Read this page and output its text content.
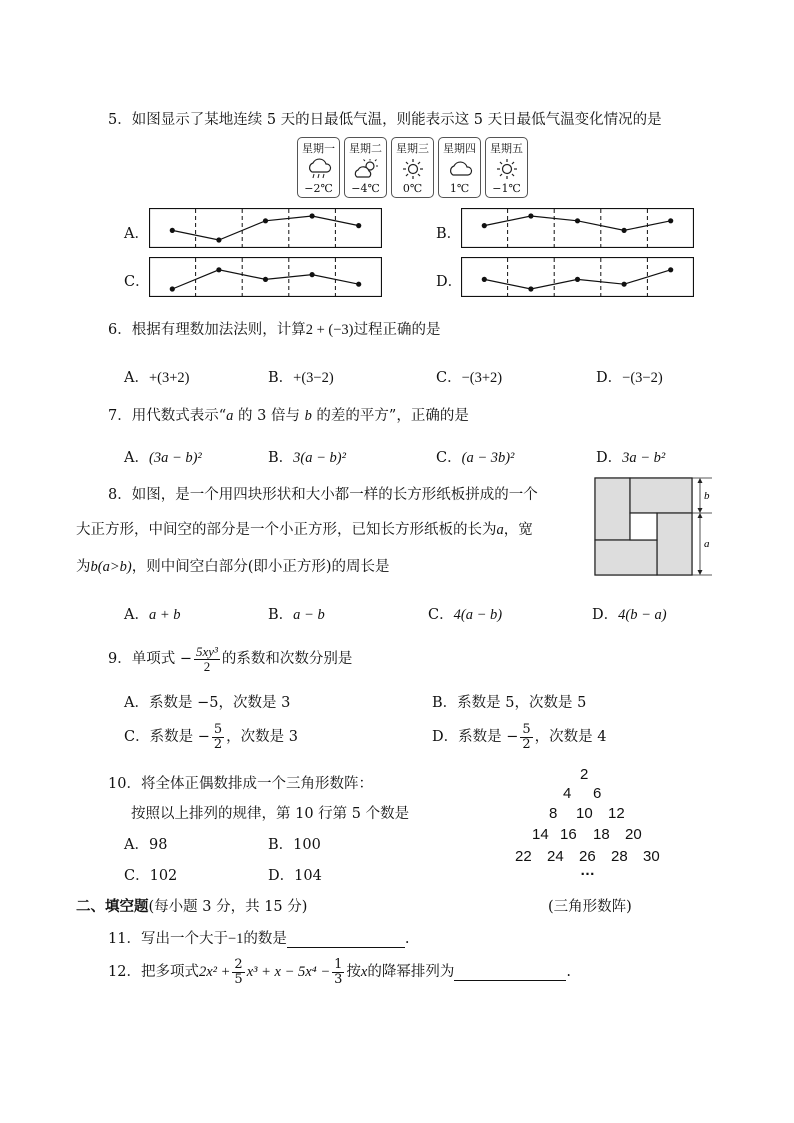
5．如图显示了某地连续 5 天的日最低气温，则能表示这 5 天日最低气温变化情况的是
星期一
−2℃
星期二
−4℃
星期三
0℃
星期四
1℃
星期五
−1℃
A．	B．
C．	D．
6．根据有理数加法法则，计算2 + (−3)过程正确的是
A．+(3+2)	B．+(3−2)	C．−(3+2)	D．−(3−2)
7．用代数式表示“a 的 3 倍与 b 的差的平方”，正确的是
A．(3a − b)²	B．3(a − b)²	C．(a − 3b)²	D．3a − b²
8．如图，是一个用四块形状和大小都一样的长方形纸板拼成的一个
大正方形，中间空的部分是一个小正方形，已知长方形纸板的长为a，宽
为b(a>b)，则中间空白部分(即小正方形)的周长是
b
a
A．a + b	B．a − b	C．4(a − b)	D．4(b − a)
9．单项式 − $\frac{\text{5xy³}}{2}$ 的系数和次数分别是
A．系数是 −5，次数是 3	B．系数是 5，次数是 5
C．系数是 − $\frac{5}{2}$ ，次数是 3	D．系数是 − $\frac{5}{2}$ ，次数是 4
10．将全体正偶数排成一个三角形数阵：
按照以上排列的规律，第 10 行第 5 个数是
A．98	B．100
C．102	D．104
2
4 6
8 10 12
14 16 18 20
22 24 26 28 30
…
(三角形数阵)
二、填空题(每小题 3 分，共 15 分)
11．写出一个大于−1的数是	.
12．把多项式$2x^2 + \frac{2}{5} x^3 + x - 5x^4 - \frac{1}{3}$ 按x的降幂排列为	.
